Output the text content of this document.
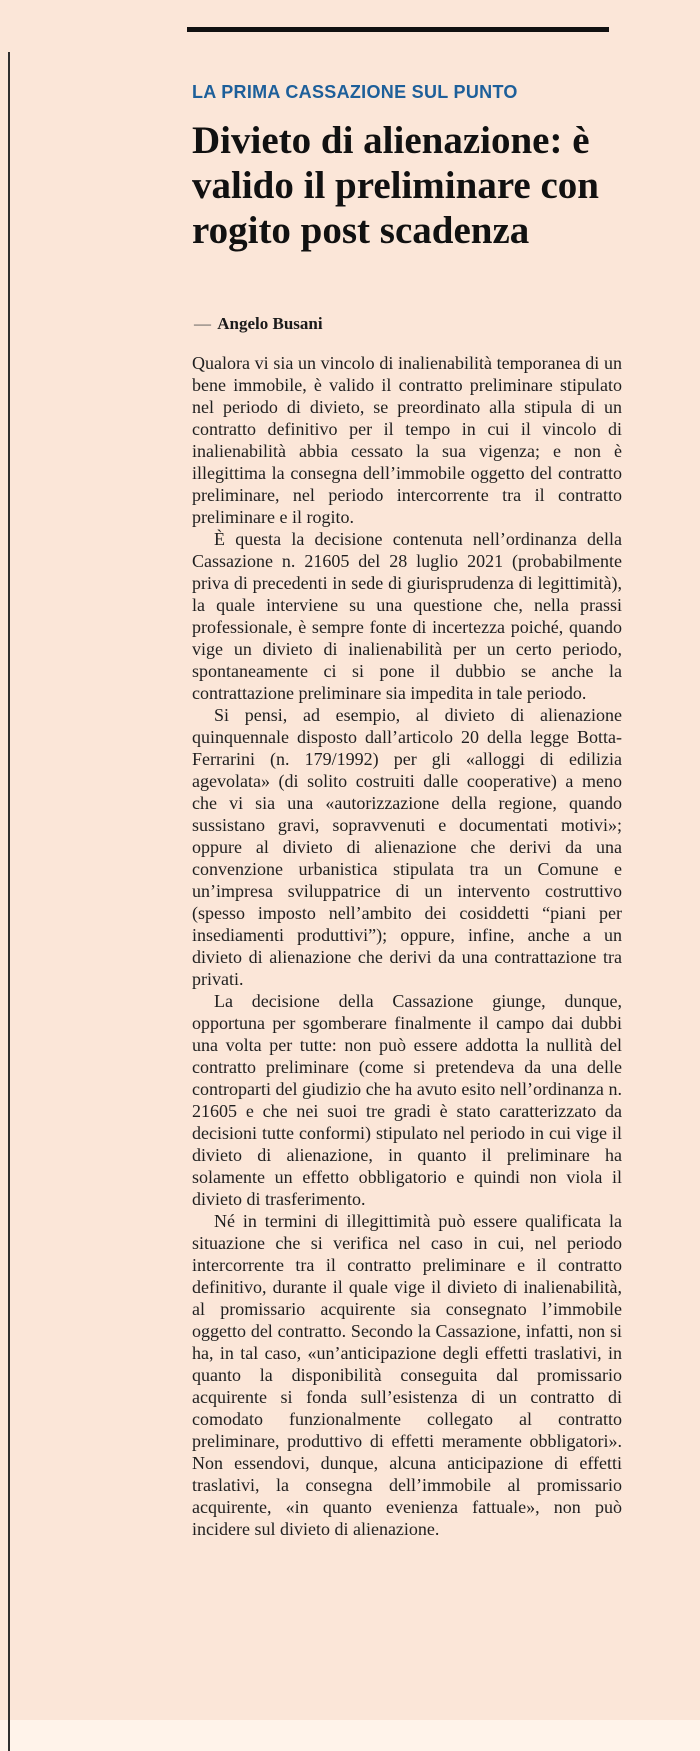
LA PRIMA CASSAZIONE SUL PUNTO
Divieto di alienazione: è valido il preliminare con rogito post scadenza
— Angelo Busani

Qualora vi sia un vincolo di inalienabilità temporanea di un bene immobile, è valido il contratto preliminare stipulato nel periodo di divieto, se preordinato alla stipula di un contratto definitivo per il tempo in cui il vincolo di inalienabilità abbia cessato la sua vigenza; e non è illegittima la consegna dell’immobile oggetto del contratto preliminare, nel periodo intercorrente tra il contratto preliminare e il rogito.

È questa la decisione contenuta nell’ordinanza della Cassazione n. 21605 del 28 luglio 2021 (probabilmente priva di precedenti in sede di giurisprudenza di legittimità), la quale interviene su una questione che, nella prassi professionale, è sempre fonte di incertezza poiché, quando vige un divieto di inalienabilità per un certo periodo, spontaneamente ci si pone il dubbio se anche la contrattazione preliminare sia impedita in tale periodo.

Si pensi, ad esempio, al divieto di alienazione quinquennale disposto dall’articolo 20 della legge Botta-Ferrarini (n. 179/1992) per gli «alloggi di edilizia agevolata» (di solito costruiti dalle cooperative) a meno che vi sia una «autorizzazione della regione, quando sussistano gravi, sopravvenuti e documentati motivi»; oppure al divieto di alienazione che derivi da una convenzione urbanistica stipulata tra un Comune e un’impresa sviluppatrice di un intervento costruttivo (spesso imposto nell’ambito dei cosiddetti “piani per insediamenti produttivi”); oppure, infine, anche a un divieto di alienazione che derivi da una contrattazione tra privati.

La decisione della Cassazione giunge, dunque, opportuna per sgomberare finalmente il campo dai dubbi una volta per tutte: non può essere addotta la nullità del contratto preliminare (come si pretendeva da una delle controparti del giudizio che ha avuto esito nell’ordinanza n. 21605 e che nei suoi tre gradi è stato caratterizzato da decisioni tutte conformi) stipulato nel periodo in cui vige il divieto di alienazione, in quanto il preliminare ha solamente un effetto obbligatorio e quindi non viola il divieto di trasferimento.

Né in termini di illegittimità può essere qualificata la situazione che si verifica nel caso in cui, nel periodo intercorrente tra il contratto preliminare e il contratto definitivo, durante il quale vige il divieto di inalienabilità, al promissario acquirente sia consegnato l’immobile oggetto del contratto. Secondo la Cassazione, infatti, non si ha, in tal caso, «un’anticipazione degli effetti traslativi, in quanto la disponibilità conseguita dal promissario acquirente si fonda sull’esistenza di un contratto di comodato funzionalmente collegato al contratto preliminare, produttivo di effetti meramente obbligatori». Non essendovi, dunque, alcuna anticipazione di effetti traslativi, la consegna dell’immobile al promissario acquirente, «in quanto evenienza fattuale», non può incidere sul divieto di alienazione.
